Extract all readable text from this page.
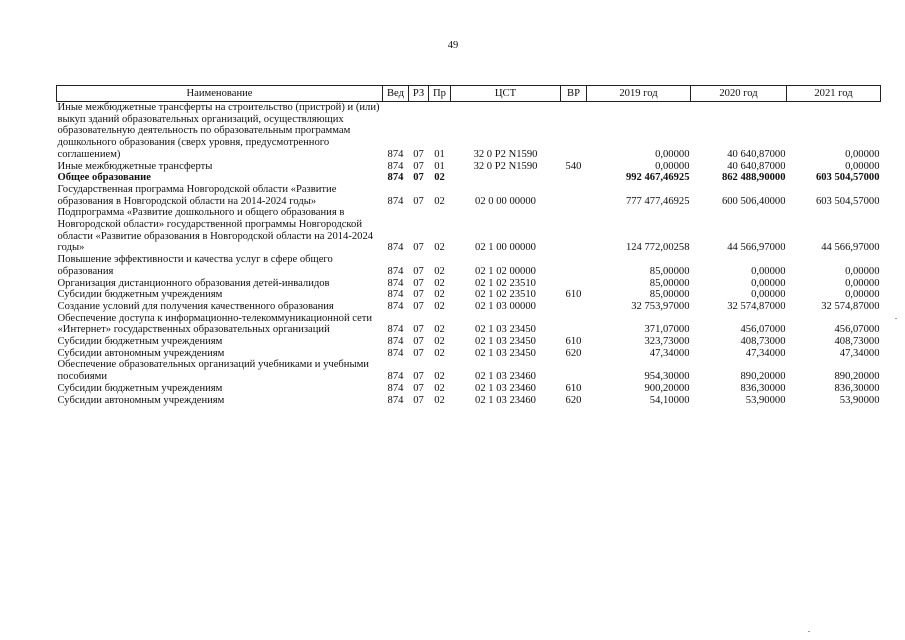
49
Наименование	Вед	РЗ	Пр	ЦСТ	ВР	2019 год	2020 год	2021 год
Иные межбюджетные трансферты на строительство (пристрой) и (или) выкуп зданий образовательных организаций, осуществляющих образовательную деятельность по образовательным программам дошкольного образования (сверх уровня, предусмотренного соглашением)	874	07	01	32 0 Р2 N1590		0,00000	40 640,87000	0,00000
Иные межбюджетные трансферты	874	07	01	32 0 Р2 N1590	540	0,00000	40 640,87000	0,00000
Общее образование	874	07	02			992 467,46925	862 488,90000	603 504,57000
Государственная программа Новгородской области «Развитие образования в Новгородской области на 2014-2024 годы»	874	07	02	02 0 00 00000		777 477,46925	600 506,40000	603 504,57000
Подпрограмма «Развитие дошкольного и общего образования в Новгородской области» государственной программы Новгородской области «Развитие образования в Новгородской области на 2014-2024 годы»	874	07	02	02 1 00 00000		124 772,00258	44 566,97000	44 566,97000
Повышение эффективности и качества услуг в сфере общего образования	874	07	02	02 1 02 00000		85,00000	0,00000	0,00000
Организация дистанционного образования детей-инвалидов	874	07	02	02 1 02 23510		85,00000	0,00000	0,00000
Субсидии бюджетным учреждениям	874	07	02	02 1 02 23510	610	85,00000	0,00000	0,00000
Создание условий для получения качественного образования	874	07	02	02 1 03 00000		32 753,97000	32 574,87000	32 574,87000
Обеспечение доступа к информационно-телекоммуникационной сети «Интернет» государственных образовательных организаций	874	07	02	02 1 03 23450		371,07000	456,07000	456,07000
Субсидии бюджетным учреждениям	874	07	02	02 1 03 23450	610	323,73000	408,73000	408,73000
Субсидии автономным учреждениям	874	07	02	02 1 03 23450	620	47,34000	47,34000	47,34000
Обеспечение образовательных организаций учебниками и учебными пособиями	874	07	02	02 1 03 23460		954,30000	890,20000	890,20000
Субсидии бюджетным учреждениям	874	07	02	02 1 03 23460	610	900,20000	836,30000	836,30000
Субсидии автономным учреждениям	874	07	02	02 1 03 23460	620	54,10000	53,90000	53,90000
